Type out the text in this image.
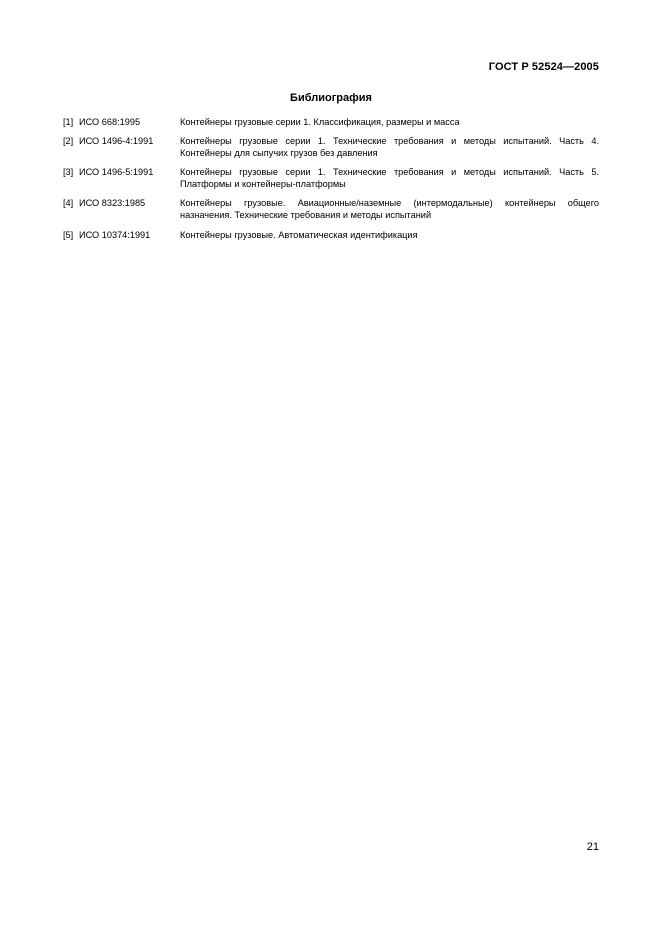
ГОСТ Р 52524—2005
Библиография
[1] ИСО 668:1995	Контейнеры грузовые серии 1. Классификация, размеры и масса
[2] ИСО 1496-4:1991	Контейнеры грузовые серии 1. Технические требования и методы испытаний. Часть 4. Контейнеры для сыпучих грузов без давления
[3] ИСО 1496-5:1991	Контейнеры грузовые серии 1. Технические требования и методы испытаний. Часть 5. Платформы и контейнеры-платформы
[4] ИСО 8323:1985	Контейнеры грузовые. Авиационные/наземные (интермодальные) контейнеры общего назначения. Технические требования и методы испытаний
[5] ИСО 10374:1991	Контейнеры грузовые. Автоматическая идентификация
21
